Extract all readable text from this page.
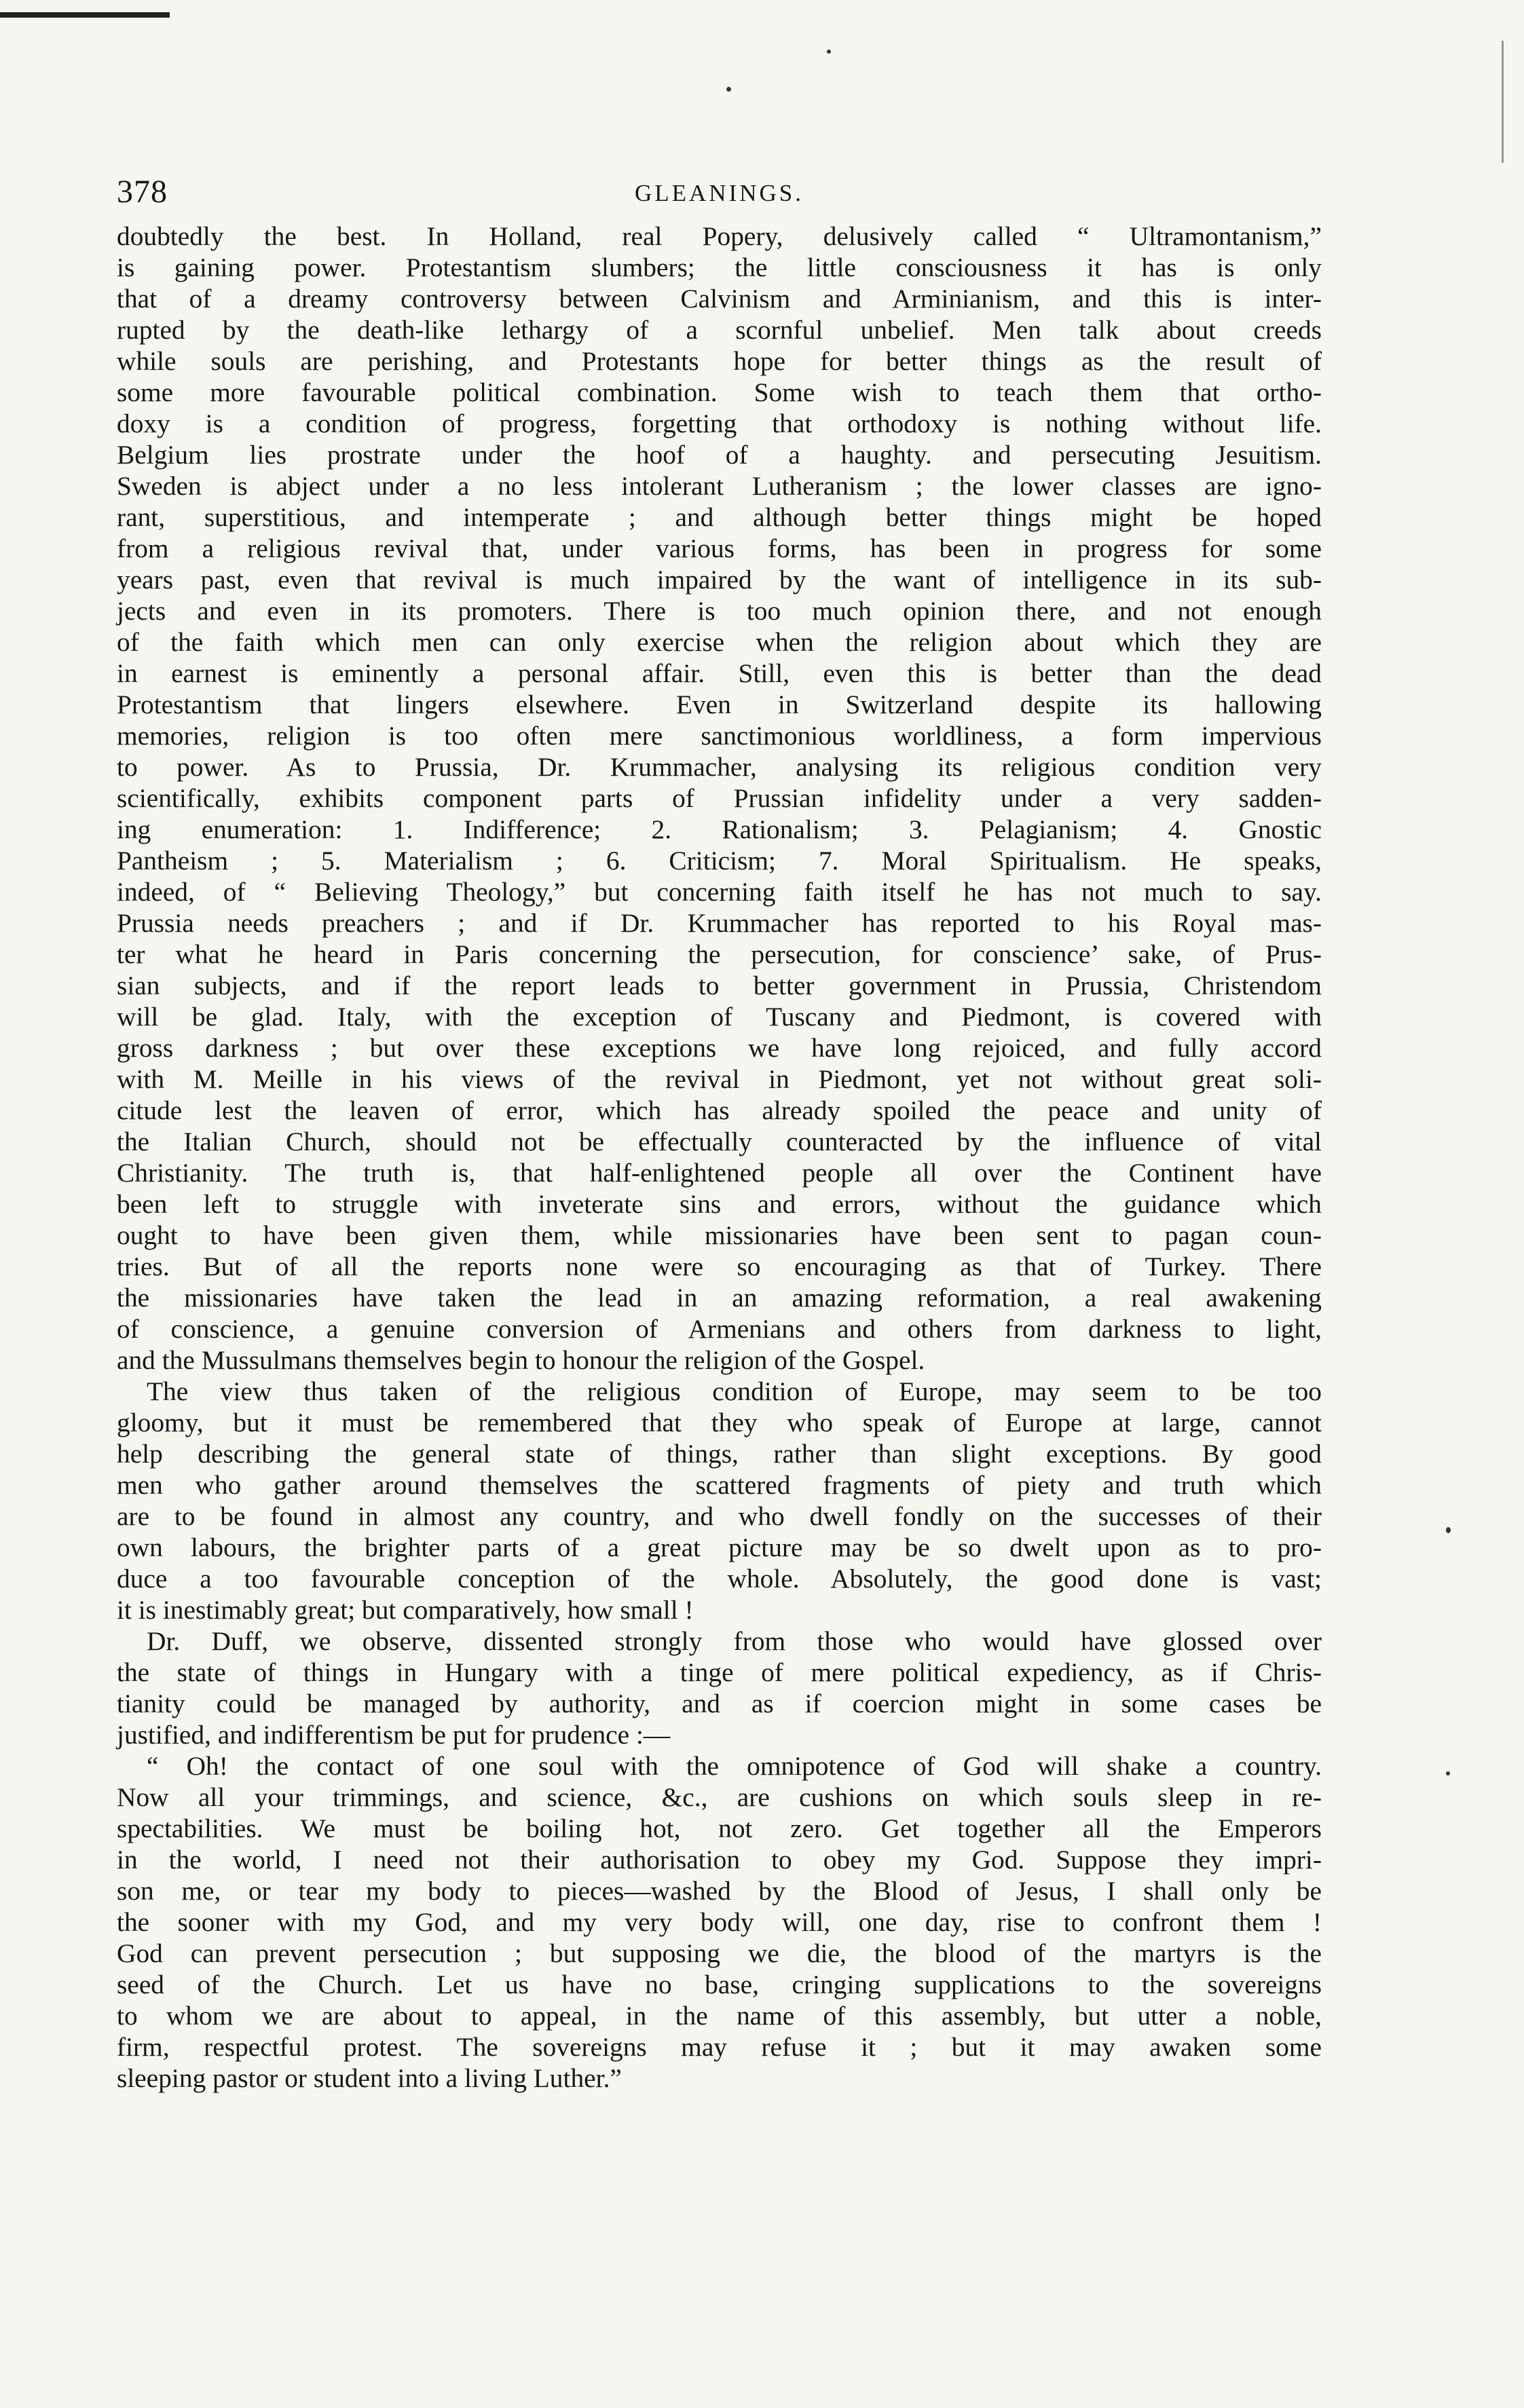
378	GLEANINGS.
doubtedly the best. In Holland, real Popery, delusively called “ Ultramontanism,”
is gaining power. Protestantism slumbers; the little consciousness it has is only
that of a dreamy controversy between Calvinism and Arminianism, and this is inter-
rupted by the death-like lethargy of a scornful unbelief. Men talk about creeds
while souls are perishing, and Protestants hope for better things as the result of
some more favourable political combination. Some wish to teach them that ortho-
doxy is a condition of progress, forgetting that orthodoxy is nothing without life.
Belgium lies prostrate under the hoof of a haughty. and persecuting Jesuitism.
Sweden is abject under a no less intolerant Lutheranism ; the lower classes are igno-
rant, superstitious, and intemperate ; and although better things might be hoped
from a religious revival that, under various forms, has been in progress for some
years past, even that revival is much impaired by the want of intelligence in its sub-
jects and even in its promoters. There is too much opinion there, and not enough
of the faith which men can only exercise when the religion about which they are
in earnest is eminently a personal affair. Still, even this is better than the dead
Protestantism that lingers elsewhere. Even in Switzerland despite its hallowing
memories, religion is too often mere sanctimonious worldliness, a form impervious
to power. As to Prussia, Dr. Krummacher, analysing its religious condition very
scientifically, exhibits component parts of Prussian infidelity under a very sadden-
ing enumeration: 1. Indifference; 2. Rationalism; 3. Pelagianism; 4. Gnostic
Pantheism ; 5. Materialism ; 6. Criticism; 7. Moral Spiritualism. He speaks,
indeed, of “ Believing Theology,” but concerning faith itself he has not much to say.
Prussia needs preachers ; and if Dr. Krummacher has reported to his Royal mas-
ter what he heard in Paris concerning the persecution, for conscience’ sake, of Prus-
sian subjects, and if the report leads to better government in Prussia, Christendom
will be glad. Italy, with the exception of Tuscany and Piedmont, is covered with
gross darkness ; but over these exceptions we have long rejoiced, and fully accord
with M. Meille in his views of the revival in Piedmont, yet not without great soli-
citude lest the leaven of error, which has already spoiled the peace and unity of
the Italian Church, should not be effectually counteracted by the influence of vital
Christianity. The truth is, that half-enlightened people all over the Continent have
been left to struggle with inveterate sins and errors, without the guidance which
ought to have been given them, while missionaries have been sent to pagan coun-
tries. But of all the reports none were so encouraging as that of Turkey. There
the missionaries have taken the lead in an amazing reformation, a real awakening
of conscience, a genuine conversion of Armenians and others from darkness to light,
and the Mussulmans themselves begin to honour the religion of the Gospel.
The view thus taken of the religious condition of Europe, may seem to be too
gloomy, but it must be remembered that they who speak of Europe at large, cannot
help describing the general state of things, rather than slight exceptions. By good
men who gather around themselves the scattered fragments of piety and truth which
are to be found in almost any country, and who dwell fondly on the successes of their
own labours, the brighter parts of a great picture may be so dwelt upon as to pro-
duce a too favourable conception of the whole. Absolutely, the good done is vast;
it is inestimably great; but comparatively, how small !
Dr. Duff, we observe, dissented strongly from those who would have glossed over
the state of things in Hungary with a tinge of mere political expediency, as if Chris-
tianity could be managed by authority, and as if coercion might in some cases be
justified, and indifferentism be put for prudence :—
“ Oh! the contact of one soul with the omnipotence of God will shake a country.
Now all your trimmings, and science, &c., are cushions on which souls sleep in re-
spectabilities. We must be boiling hot, not zero. Get together all the Emperors
in the world, I need not their authorisation to obey my God. Suppose they impri-
son me, or tear my body to pieces—washed by the Blood of Jesus, I shall only be
the sooner with my God, and my very body will, one day, rise to confront them !
God can prevent persecution ; but supposing we die, the blood of the martyrs is the
seed of the Church. Let us have no base, cringing supplications to the sovereigns
to whom we are about to appeal, in the name of this assembly, but utter a noble,
firm, respectful protest. The sovereigns may refuse it ; but it may awaken some
sleeping pastor or student into a living Luther.”
